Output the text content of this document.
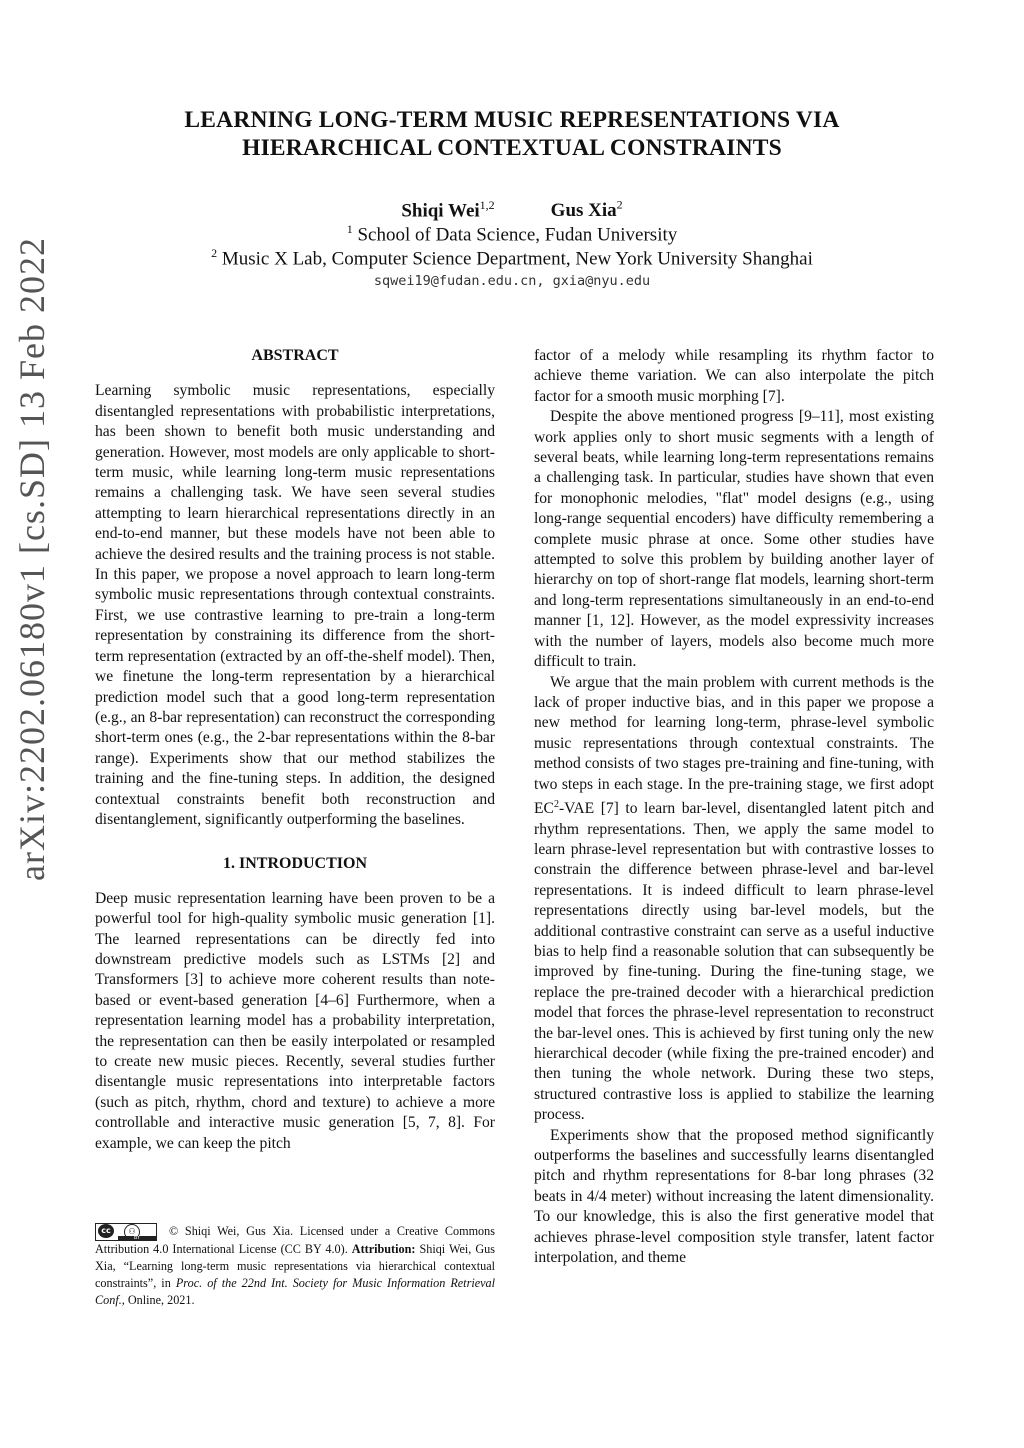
arXiv:2202.06180v1 [cs.SD] 13 Feb 2022
LEARNING LONG-TERM MUSIC REPRESENTATIONS VIA
HIERARCHICAL CONTEXTUAL CONSTRAINTS
Shiqi Wei$^{1,2}$	Gus Xia$^2$
$^1$ School of Data Science, Fudan University
$^2$ Music X Lab, Computer Science Department, New York University Shanghai
sqwei19@fudan.edu.cn, gxia@nyu.edu

ABSTRACT

Learning symbolic music representations, especially disentangled representations with probabilistic interpretations, has been shown to benefit both music understanding and generation. However, most models are only applicable to short-term music, while learning long-term music representations remains a challenging task. We have seen several studies attempting to learn hierarchical representations directly in an end-to-end manner, but these models have not been able to achieve the desired results and the training process is not stable. In this paper, we propose a novel approach to learn long-term symbolic music representations through contextual constraints. First, we use contrastive learning to pre-train a long-term representation by constraining its difference from the short-term representation (extracted by an off-the-shelf model). Then, we finetune the long-term representation by a hierarchical prediction model such that a good long-term representation (e.g., an 8-bar representation) can reconstruct the corresponding short-term ones (e.g., the 2-bar representations within the 8-bar range). Experiments show that our method stabilizes the training and the fine-tuning steps. In addition, the designed contextual constraints benefit both reconstruction and disentanglement, significantly outperforming the baselines.

1. INTRODUCTION

Deep music representation learning have been proven to be a powerful tool for high-quality symbolic music generation [1]. The learned representations can be directly fed into downstream predictive models such as LSTMs [2] and Transformers [3] to achieve more coherent results than note-based or event-based generation [4–6] Furthermore, when a representation learning model has a probability interpretation, the representation can then be easily interpolated or resampled to create new music pieces. Recently, several studies further disentangle music representations into interpretable factors (such as pitch, rhythm, chord and texture) to achieve a more controllable and interactive music generation [5, 7, 8]. For example, we can keep the pitch

cc	⚇
BY
© Shiqi Wei, Gus Xia. Licensed under a Creative Commons Attribution 4.0 International License (CC BY 4.0). Attribution: Shiqi Wei, Gus Xia, “Learning long-term music representations via hierarchical contextual constraints”, in Proc. of the 22nd Int. Society for Music Information Retrieval Conf., Online, 2021.

factor of a melody while resampling its rhythm factor to achieve theme variation. We can also interpolate the pitch factor for a smooth music morphing [7].

Despite the above mentioned progress [9–11], most existing work applies only to short music segments with a length of several beats, while learning long-term representations remains a challenging task. In particular, studies have shown that even for monophonic melodies, "flat" model designs (e.g., using long-range sequential encoders) have difficulty remembering a complete music phrase at once. Some other studies have attempted to solve this problem by building another layer of hierarchy on top of short-range flat models, learning short-term and long-term representations simultaneously in an end-to-end manner [1, 12]. However, as the model expressivity increases with the number of layers, models also become much more difficult to train.

We argue that the main problem with current methods is the lack of proper inductive bias, and in this paper we propose a new method for learning long-term, phrase-level symbolic music representations through contextual constraints. The method consists of two stages pre-training and fine-tuning, with two steps in each stage. In the pre-training stage, we first adopt $EC^2$-VAE [7] to learn bar-level, disentangled latent pitch and rhythm representations. Then, we apply the same model to learn phrase-level representation but with contrastive losses to constrain the difference between phrase-level and bar-level representations. It is indeed difficult to learn phrase-level representations directly using bar-level models, but the additional contrastive constraint can serve as a useful inductive bias to help find a reasonable solution that can subsequently be improved by fine-tuning. During the fine-tuning stage, we replace the pre-trained decoder with a hierarchical prediction model that forces the phrase-level representation to reconstruct the bar-level ones. This is achieved by first tuning only the new hierarchical decoder (while fixing the pre-trained encoder) and then tuning the whole network. During these two steps, structured contrastive loss is applied to stabilize the learning process.

Experiments show that the proposed method significantly outperforms the baselines and successfully learns disentangled pitch and rhythm representations for 8-bar long phrases (32 beats in 4/4 meter) without increasing the latent dimensionality. To our knowledge, this is also the first generative model that achieves phrase-level composition style transfer, latent factor interpolation, and theme
